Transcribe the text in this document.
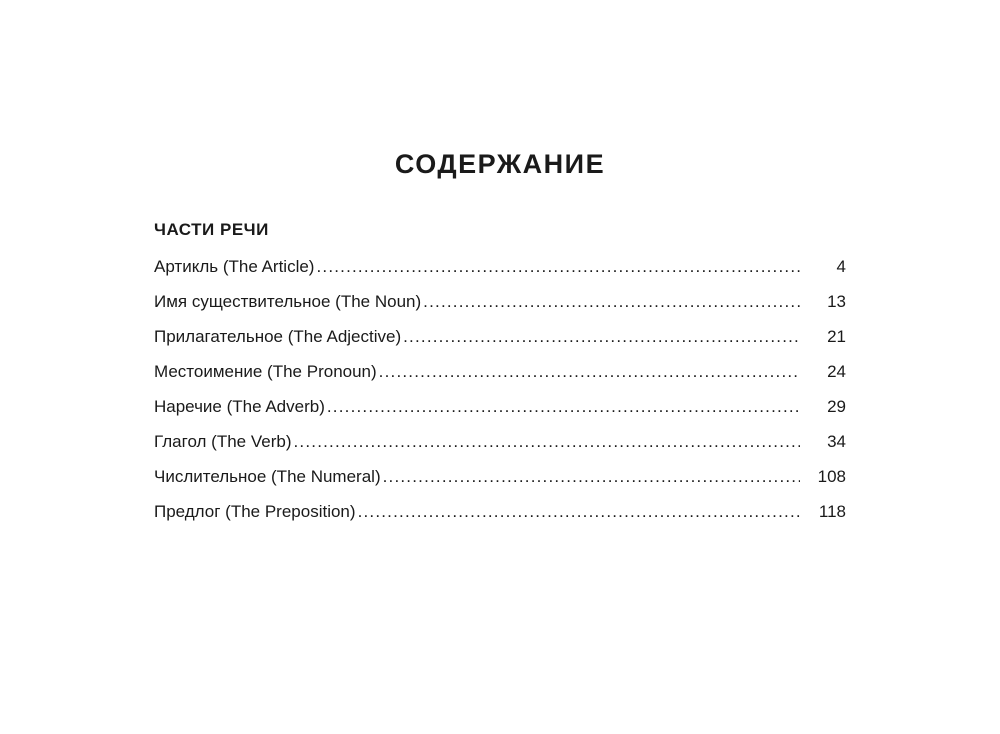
СОДЕРЖАНИЕ
ЧАСТИ РЕЧИ
Артикль (The Article) .....	4
Имя существительное (The Noun) .....	13
Прилагательное (The Adjective) .....	21
Местоимение (The Pronoun) .....	24
Наречие (The Adverb) .....	29
Глагол (The Verb) .....	34
Числительное (The Numeral) .....	108
Предлог (The Preposition) .....	118
